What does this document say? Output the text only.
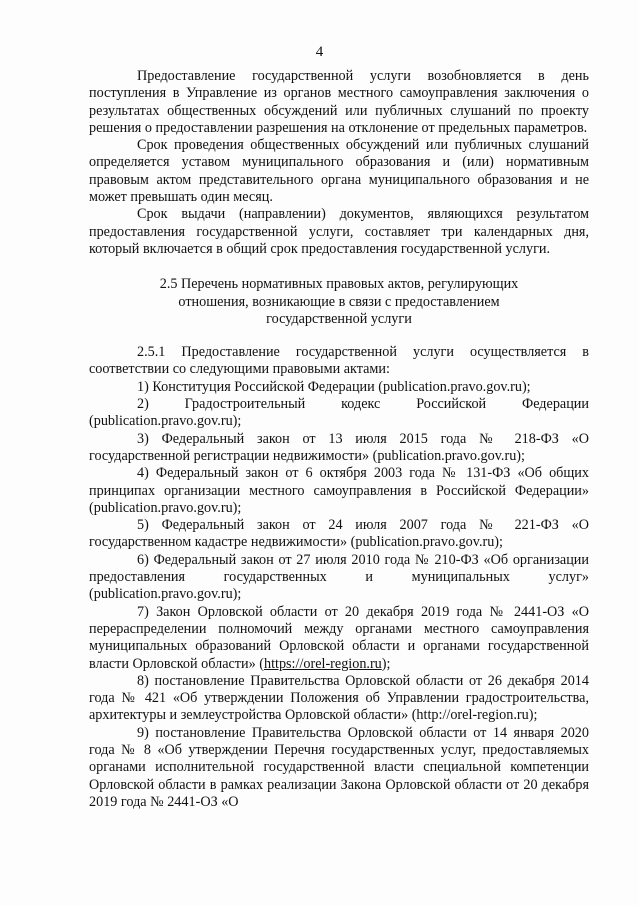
4

Предоставление государственной услуги возобновляется в день поступления в Управление из органов местного самоуправления заключения о результатах общественных обсуждений или публичных слушаний по проекту решения о предоставлении разрешения на отклонение от предельных параметров.

Срок проведения общественных обсуждений или публичных слушаний определяется уставом муниципального образования и (или) нормативным правовым актом представительного органа муниципального образования и не может превышать один месяц.

Срок выдачи (направлении) документов, являющихся результатом предоставления государственной услуги, составляет три календарных дня, который включается в общий срок предоставления государственной услуги.

2.5 Перечень нормативных правовых актов, регулирующих
отношения, возникающие в связи с предоставлением
государственной услуги

2.5.1 Предоставление государственной услуги осуществляется в соответствии со следующими правовыми актами:

1) Конституция Российской Федерации (publication.pravo.gov.ru);

2) Градостроительный кодекс Российской Федерации (publication.pravo.gov.ru);

3) Федеральный закон от 13 июля 2015 года № 218-ФЗ «О государственной регистрации недвижимости» (publication.pravo.gov.ru);

4) Федеральный закон от 6 октября 2003 года № 131-ФЗ «Об общих принципах организации местного самоуправления в Российской Федерации» (publication.pravo.gov.ru);

5) Федеральный закон от 24 июля 2007 года № 221-ФЗ «О государственном кадастре недвижимости» (publication.pravo.gov.ru);

6) Федеральный закон от 27 июля 2010 года № 210-ФЗ «Об организации предоставления государственных и муниципальных услуг» (publication.pravo.gov.ru);

7) Закон Орловской области от 20 декабря 2019 года № 2441-ОЗ «О перераспределении полномочий между органами местного самоуправления муниципальных образований Орловской области и органами государственной власти Орловской области» (https://orel-region.ru);

8) постановление Правительства Орловской области от 26 декабря 2014 года № 421 «Об утверждении Положения об Управлении градостроительства, архитектуры и землеустройства Орловской области» (http://orel-region.ru);

9) постановление Правительства Орловской области от 14 января 2020 года № 8 «Об утверждении Перечня государственных услуг, предоставляемых органами исполнительной государственной власти специальной компетенции Орловской области в рамках реализации Закона Орловской области от 20 декабря 2019 года № 2441-ОЗ «О
